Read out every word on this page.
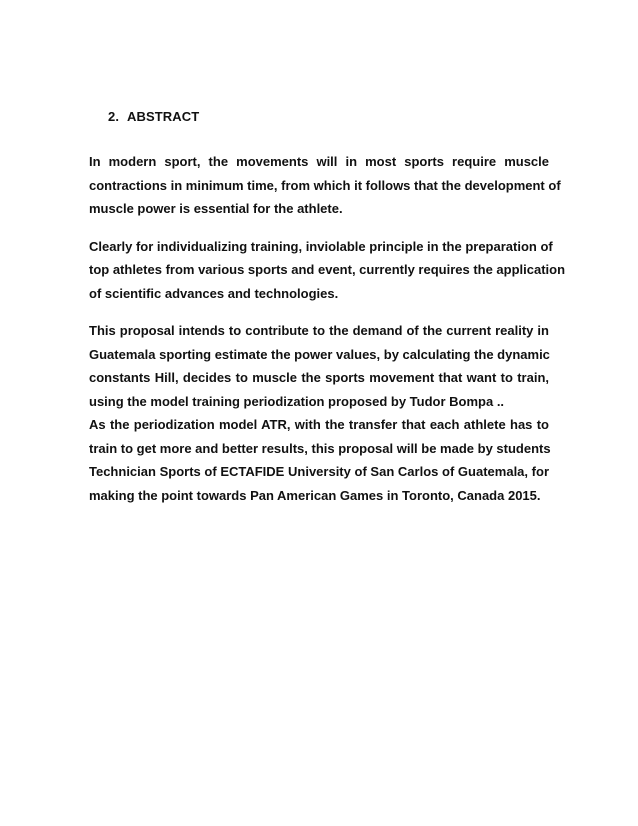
2. ABSTRACT

In modern sport, the movements will in most sports require muscle
contractions in minimum time, from which it follows that the development of
muscle power is essential for the athlete.

Clearly for individualizing training, inviolable principle in the preparation of
top athletes from various sports and event, currently requires the application
of scientific advances and technologies.

This proposal intends to contribute to the demand of the current reality in
Guatemala sporting estimate the power values, by calculating the dynamic
constants Hill, decides to muscle the sports movement that want to train,
using the model training periodization proposed by Tudor Bompa ..

As the periodization model ATR, with the transfer that each athlete has to
train to get more and better results, this proposal will be made by students
Technician Sports of ECTAFIDE University of San Carlos of Guatemala, for
making the point towards Pan American Games in Toronto, Canada 2015.
